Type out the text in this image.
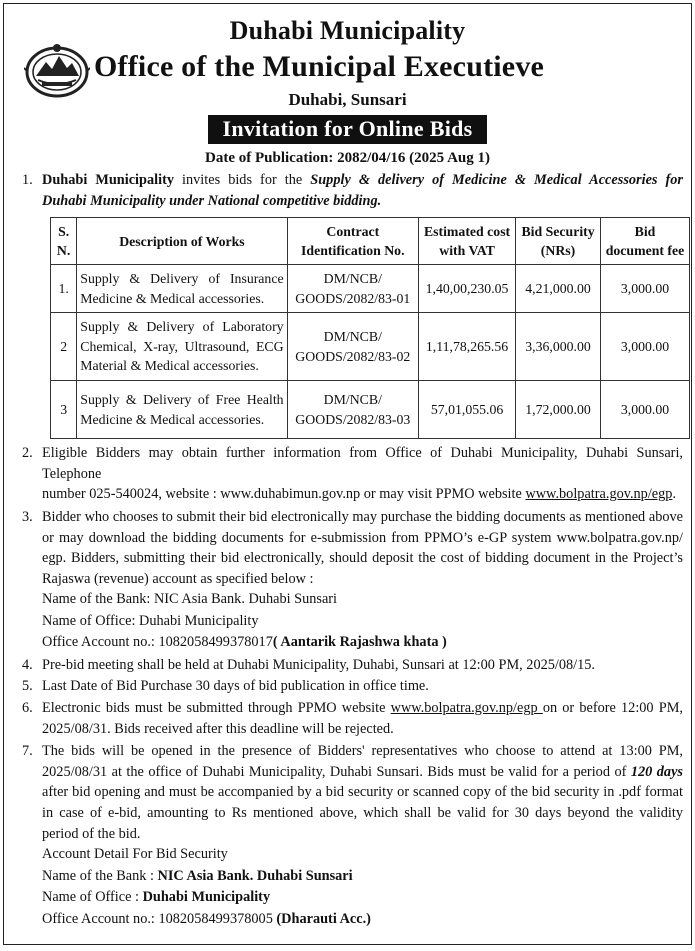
Duhabi Municipality
Office of the Municipal Executieve
Duhabi, Sunsari
Invitation for Online Bids
Date of Publication: 2082/04/16 (2025 Aug 1)
1. Duhabi Municipality invites bids for the Supply & delivery of Medicine & Medical Accessories for
Duhabi Municipality under National competitive bidding.
S. N.	Description of Works	Contract Identification No.	Estimated cost with VAT	Bid Security (NRs)	Bid document fee
1.	Supply & Delivery of Insurance Medicine & Medical accessories.	DM/NCB/
GOODS/2082/83-01	1,40,00,230.05	4,21,000.00	3,000.00
2	Supply & Delivery of Laboratory Chemical, X-ray, Ultrasound, ECG Material & Medical accessories.	DM/NCB/
GOODS/2082/83-02	1,11,78,265.56	3,36,000.00	3,000.00
3	Supply & Delivery of Free Health Medicine & Medical accessories.	DM/NCB/
GOODS/2082/83-03	57,01,055.06	1,72,000.00	3,000.00
2. Eligible Bidders may obtain further information from Office of Duhabi Municipality, Duhabi Sunsari, Telephone
number 025-540024, website : www.duhabimun.gov.np or may visit PPMO website www.bolpatra.gov.np/egp.
3. Bidder who chooses to submit their bid electronically may purchase the bidding documents as mentioned above
or may download the bidding documents for e-submission from PPMO’s e-GP system www.bolpatra.gov.np/
egp. Bidders, submitting their bid electronically, should deposit the cost of bidding document in the Project’s
Rajaswa (revenue) account as specified below :
Name of the Bank: NIC Asia Bank. Duhabi Sunsari
Name of Office: Duhabi Municipality
Office Account no.: 1082058499378017( Aantarik Rajashwa khata )
4. Pre-bid meeting shall be held at Duhabi Municipality, Duhabi, Sunsari at 12:00 PM, 2025/08/15.
5. Last Date of Bid Purchase 30 days of bid publication in office time.
6. Electronic bids must be submitted through PPMO website www.bolpatra.gov.np/egp on or before 12:00 PM,
2025/08/31. Bids received after this deadline will be rejected.
7. The bids will be opened in the presence of Bidders' representatives who choose to attend at 13:00 PM,
2025/08/31 at the office of Duhabi Municipality, Duhabi Sunsari. Bids must be valid for a period of 120 days
after bid opening and must be accompanied by a bid security or scanned copy of the bid security in .pdf format
in case of e-bid, amounting to Rs mentioned above, which shall be valid for 30 days beyond the validity
period of the bid.
Account Detail For Bid Security
Name of the Bank : NIC Asia Bank. Duhabi Sunsari
Name of Office : Duhabi Municipality
Office Account no.: 1082058499378005 (Dharauti Acc.)
